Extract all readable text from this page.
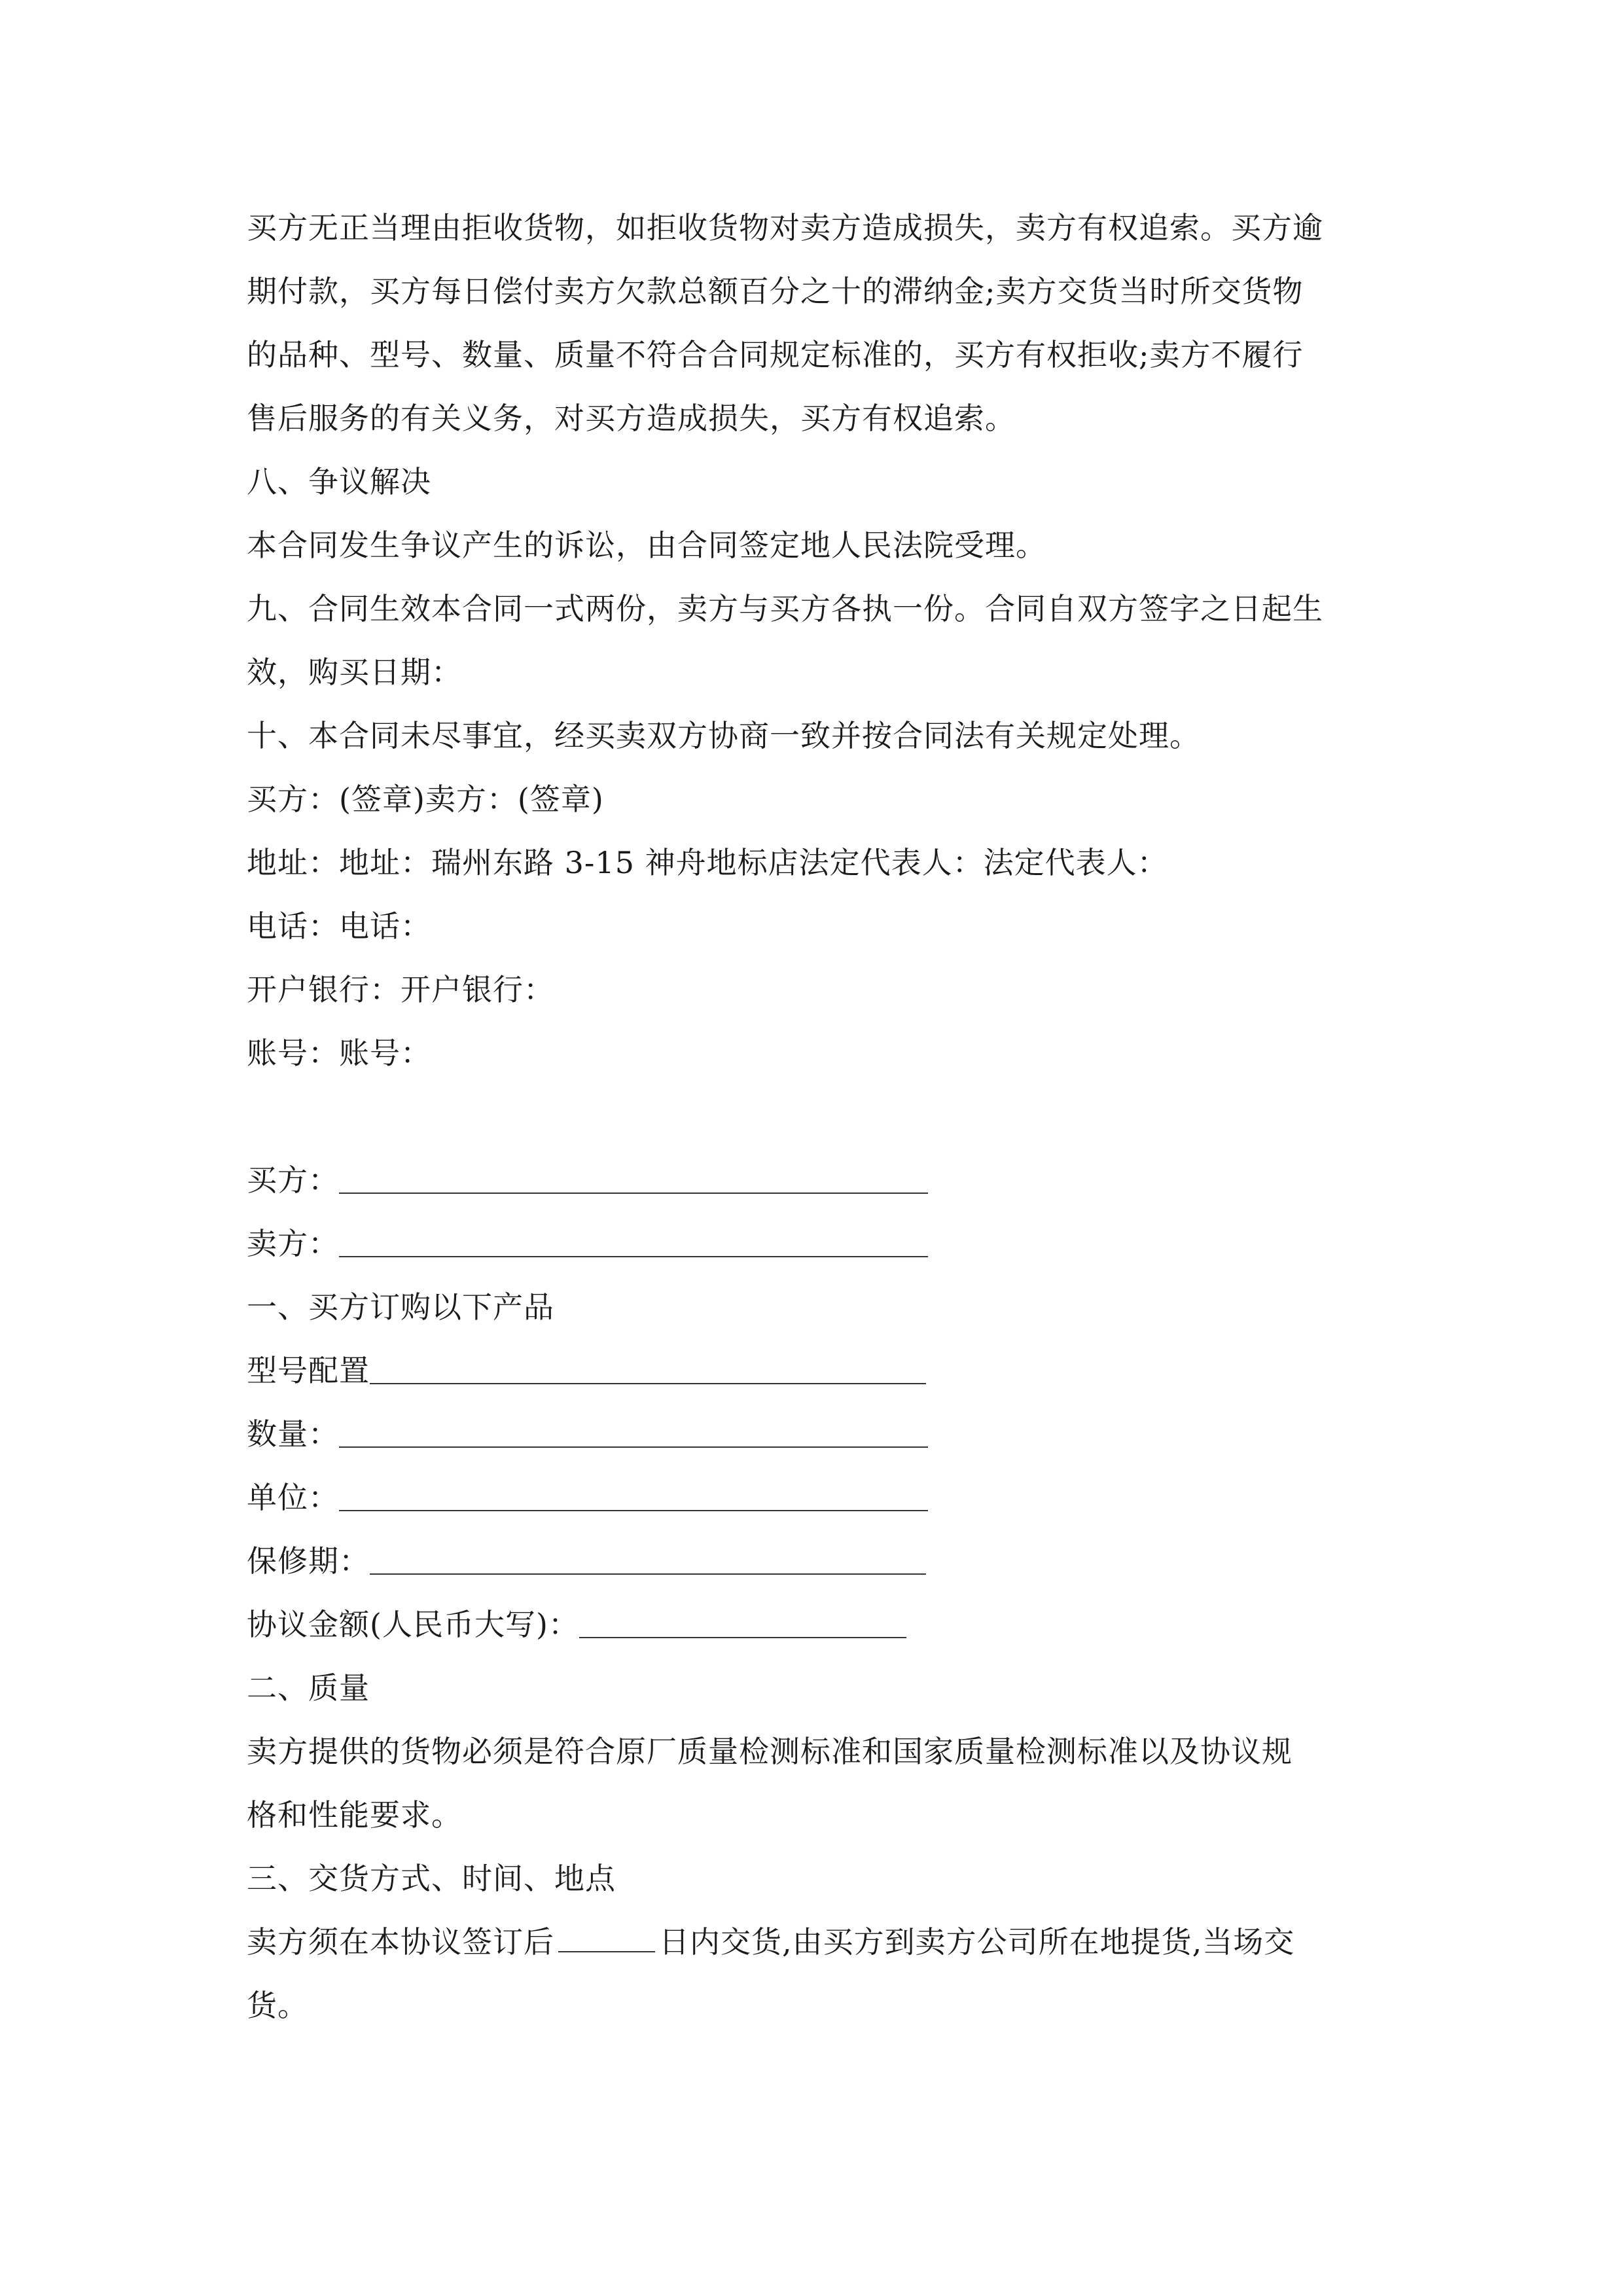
买方无正当理由拒收货物，如拒收货物对卖方造成损失，卖方有权追索。买方逾
期付款，买方每日偿付卖方欠款总额百分之十的滞纳金;卖方交货当时所交货物
的品种、型号、数量、质量不符合合同规定标准的，买方有权拒收;卖方不履行
售后服务的有关义务，对买方造成损失，买方有权追索。
八、争议解决
本合同发生争议产生的诉讼，由合同签定地人民法院受理。
九、合同生效本合同一式两份，卖方与买方各执一份。合同自双方签字之日起生
效，购买日期：
十、本合同未尽事宜，经买卖双方协商一致并按合同法有关规定处理。
买方：(签章)卖方：(签章)
地址：地址：瑞州东路 3-15 神舟地标店法定代表人：法定代表人：
电话：电话：
开户银行：开户银行：
账号：账号：
买方：
卖方：
一、买方订购以下产品
型号配置
数量：
单位：
保修期：
协议金额(人民币大写)：
二、质量
卖方提供的货物必须是符合原厂质量检测标准和国家质量检测标准以及协议规
格和性能要求。
三、交货方式、时间、地点
卖方须在本协议签订后	日内交货,由买方到卖方公司所在地提货,当场交
货。
